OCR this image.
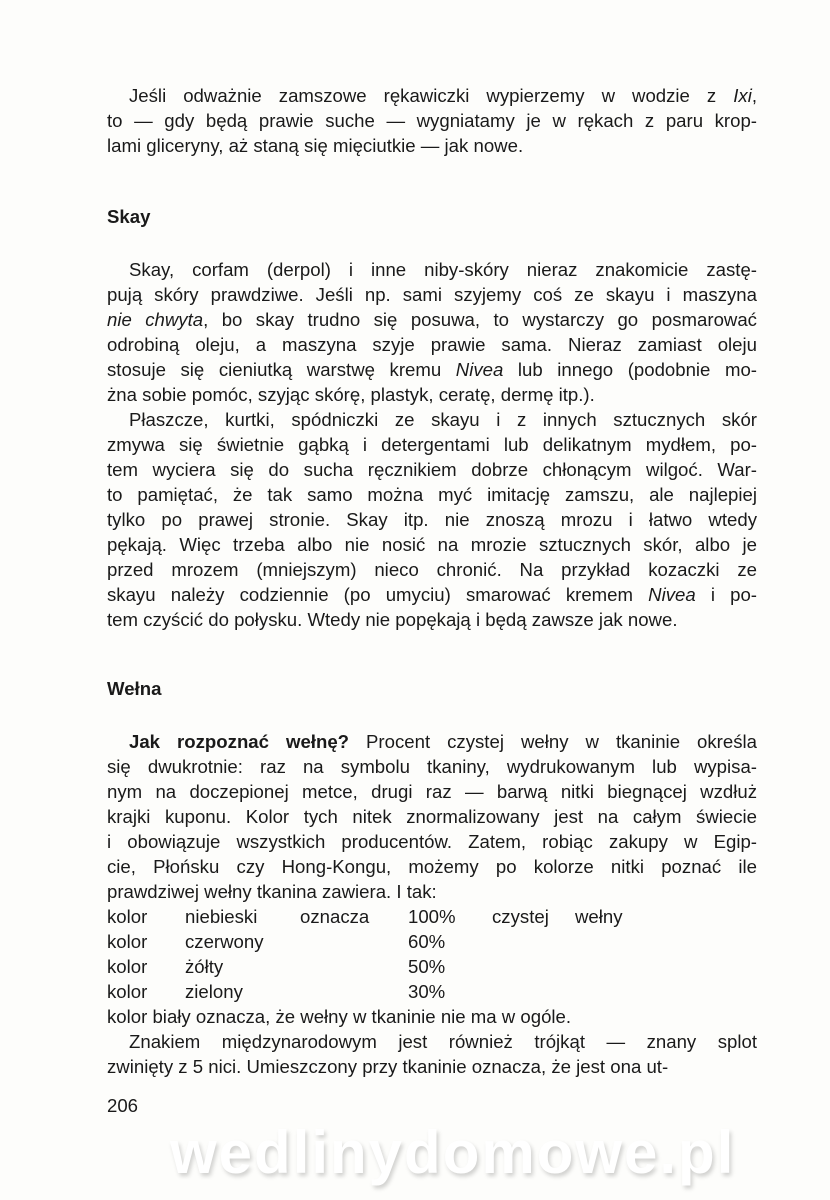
Skay
Wełna
kolor niebieski oznacza 100% czystej wełny
kolor czerwony	60%
kolor żółty	50%
kolor zielony	30%
206
wedlinydomowe.pl
Jeśli odważnie zamszowe rękawiczki wypierzemy w wodzie z Ixi,
to — gdy będą prawie suche — wygniatamy je w rękach z paru krop-
lami gliceryny, aż staną się mięciutkie — jak nowe.
Skay, corfam (derpol) i inne niby-skóry nieraz znakomicie zastę-
pują skóry prawdziwe. Jeśli np. sami szyjemy coś ze skayu i maszyna
nie chwyta, bo skay trudno się posuwa, to wystarczy go posmarować
odrobiną oleju, a maszyna szyje prawie sama. Nieraz zamiast oleju
stosuje się cieniutką warstwę kremu Nivea lub innego (podobnie mo-
żna sobie pomóc, szyjąc skórę, plastyk, ceratę, dermę itp.).
Płaszcze, kurtki, spódniczki ze skayu i z innych sztucznych skór
zmywa się świetnie gąbką i detergentami lub delikatnym mydłem, po-
tem wyciera się do sucha ręcznikiem dobrze chłonącym wilgoć. War-
to pamiętać, że tak samo można myć imitację zamszu, ale najlepiej
tylko po prawej stronie. Skay itp. nie znoszą mrozu i łatwo wtedy
pękają. Więc trzeba albo nie nosić na mrozie sztucznych skór, albo je
przed mrozem (mniejszym) nieco chronić. Na przykład kozaczki ze
skayu należy codziennie (po umyciu) smarować kremem Nivea i po-
tem czyścić do połysku. Wtedy nie popękają i będą zawsze jak nowe.
Jak rozpoznać wełnę? Procent czystej wełny w tkaninie określa
się dwukrotnie: raz na symbolu tkaniny, wydrukowanym lub wypisa-
nym na doczepionej metce, drugi raz — barwą nitki biegnącej wzdłuż
krajki kuponu. Kolor tych nitek znormalizowany jest na całym świecie
i obowiązuje wszystkich producentów. Zatem, robiąc zakupy w Egip-
cie, Płońsku czy Hong-Kongu, możemy po kolorze nitki poznać ile
prawdziwej wełny tkanina zawiera. I tak:
kolor biały oznacza, że wełny w tkaninie nie ma w ogóle.
Znakiem międzynarodowym jest również trójkąt — znany splot
zwinięty z 5 nici. Umieszczony przy tkaninie oznacza, że jest ona ut-
